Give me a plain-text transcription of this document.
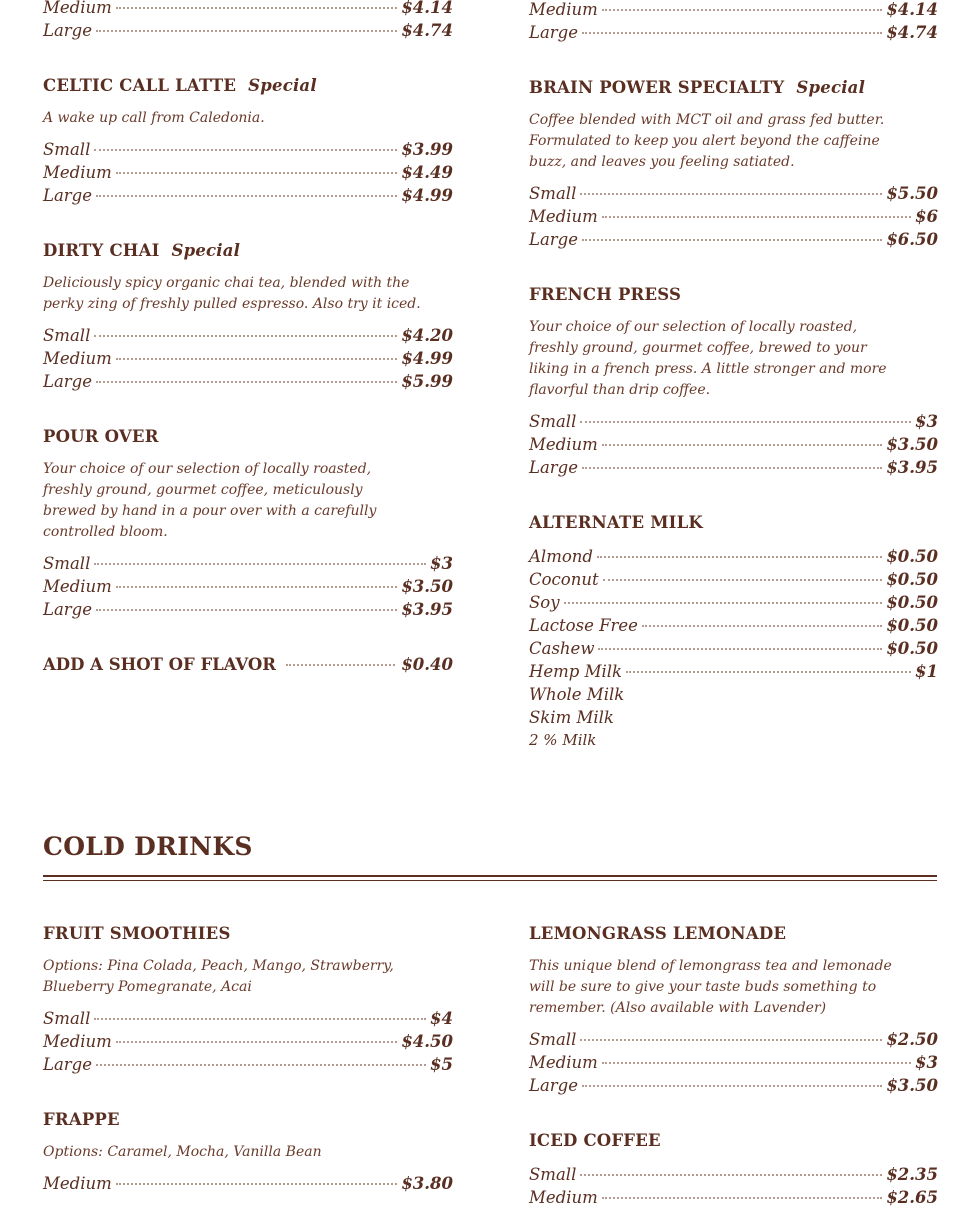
Medium	$4.14
Large	$4.74
CELTIC CALL LATTE Special
A wake up call from Caledonia.
Small	$3.99
Medium	$4.49
Large	$4.99
DIRTY CHAI Special
Deliciously spicy organic chai tea, blended with the
perky zing of freshly pulled espresso. Also try it iced.
Small	$4.20
Medium	$4.99
Large	$5.99
POUR OVER
Your choice of our selection of locally roasted,
freshly ground, gourmet coffee, meticulously
brewed by hand in a pour over with a carefully
controlled bloom.
Small	$3
Medium	$3.50
Large	$3.95
ADD A SHOT OF FLAVOR	$0.40
Medium	$4.14
Large	$4.74
BRAIN POWER SPECIALTY Special
Coffee blended with MCT oil and grass fed butter.
Formulated to keep you alert beyond the caffeine
buzz, and leaves you feeling satiated.
Small	$5.50
Medium	$6
Large	$6.50
FRENCH PRESS
Your choice of our selection of locally roasted,
freshly ground, gourmet coffee, brewed to your
liking in a french press. A little stronger and more
flavorful than drip coffee.
Small	$3
Medium	$3.50
Large	$3.95
ALTERNATE MILK
Almond	$0.50
Coconut	$0.50
Soy	$0.50
Lactose Free	$0.50
Cashew	$0.50
Hemp Milk	$1
Whole Milk
Skim Milk
2 % Milk
COLD DRINKS
FRUIT SMOOTHIES
Options: Pina Colada, Peach, Mango, Strawberry,
Blueberry Pomegranate, Acai
Small	$4
Medium	$4.50
Large	$5
FRAPPE
Options: Caramel, Mocha, Vanilla Bean
Medium	$3.80
LEMONGRASS LEMONADE
This unique blend of lemongrass tea and lemonade
will be sure to give your taste buds something to
remember. (Also available with Lavender)
Small	$2.50
Medium	$3
Large	$3.50
ICED COFFEE
Small	$2.35
Medium	$2.65
